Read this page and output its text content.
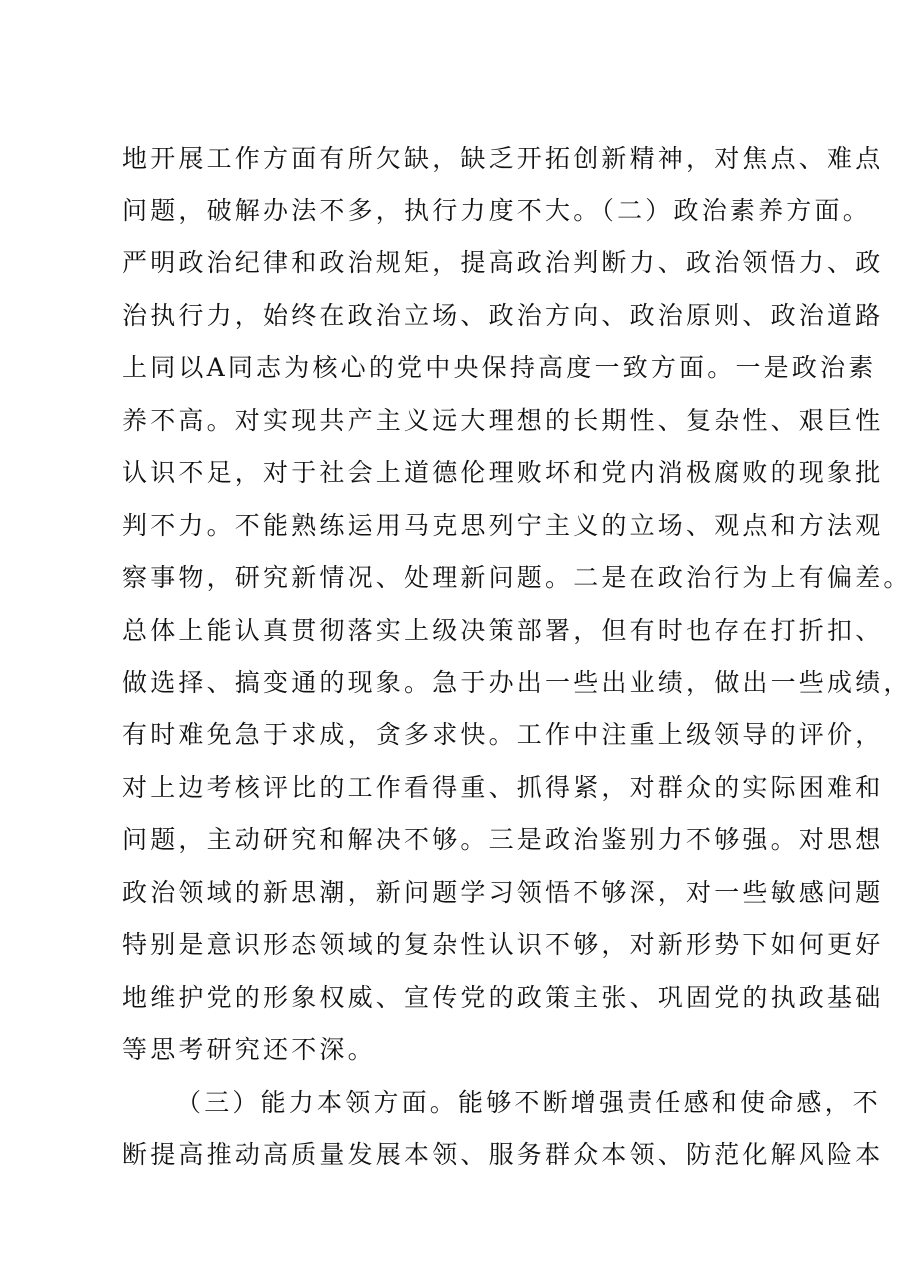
地开展工作方面有所欠缺，缺乏开拓创新精神，对焦点、难点
问题，破解办法不多，执行力度不大。（二）政治素养方面。
严明政治纪律和政治规矩，提高政治判断力、政治领悟力、政
治执行力，始终在政治立场、政治方向、政治原则、政治道路
上同以A同志为核心的党中央保持高度一致方面。一是政治素
养不高。对实现共产主义远大理想的长期性、复杂性、艰巨性
认识不足，对于社会上道德伦理败坏和党内消极腐败的现象批
判不力。不能熟练运用马克思列宁主义的立场、观点和方法观
察事物，研究新情况、处理新问题。二是在政治行为上有偏差。
总体上能认真贯彻落实上级决策部署，但有时也存在打折扣、
做选择、搞变通的现象。急于办出一些出业绩，做出一些成绩，
有时难免急于求成，贪多求快。工作中注重上级领导的评价，
对上边考核评比的工作看得重、抓得紧，对群众的实际困难和
问题，主动研究和解决不够。三是政治鉴别力不够强。对思想
政治领域的新思潮，新问题学习领悟不够深，对一些敏感问题
特别是意识形态领域的复杂性认识不够，对新形势下如何更好
地维护党的形象权威、宣传党的政策主张、巩固党的执政基础
等思考研究还不深。
（三）能力本领方面。能够不断增强责任感和使命感，不
断提高推动高质量发展本领、服务群众本领、防范化解风险本
